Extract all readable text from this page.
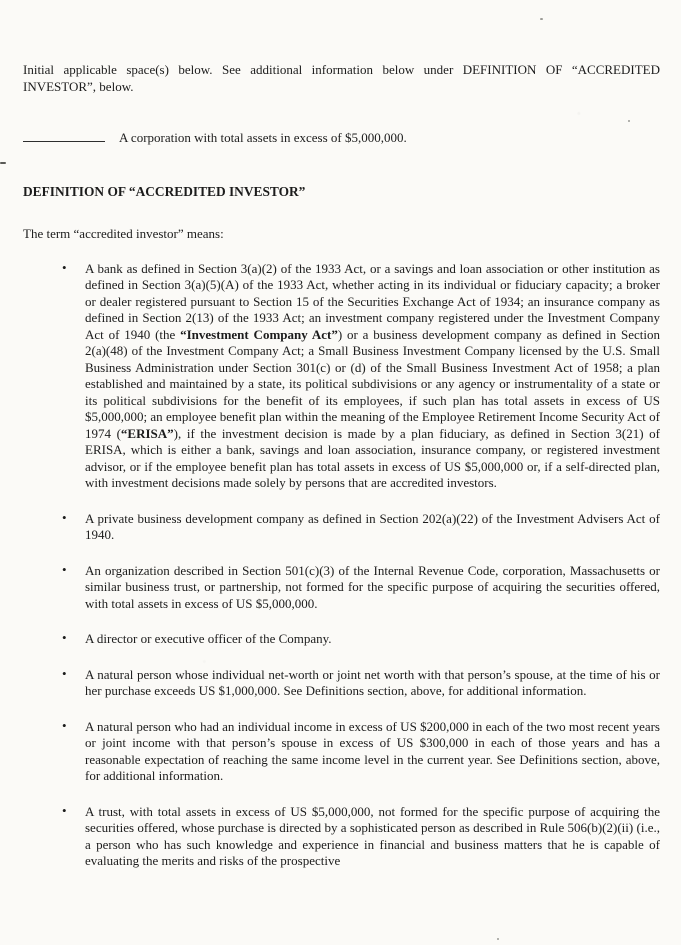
Initial applicable space(s) below. See additional information below under DEFINITION OF “ACCREDITED INVESTOR”, below.

A corporation with total assets in excess of $5,000,000.
DEFINITION OF “ACCREDITED INVESTOR”

The term “accredited investor” means:

• A bank as defined in Section 3(a)(2) of the 1933 Act, or a savings and loan association or other institution as defined in Section 3(a)(5)(A) of the 1933 Act, whether acting in its individual or fiduciary capacity; a broker or dealer registered pursuant to Section 15 of the Securities Exchange Act of 1934; an insurance company as defined in Section 2(13) of the 1933 Act; an investment company registered under the Investment Company Act of 1940 (the “Investment Company Act”) or a business development company as defined in Section 2(a)(48) of the Investment Company Act; a Small Business Investment Company licensed by the U.S. Small Business Administration under Section 301(c) or (d) of the Small Business Investment Act of 1958; a plan established and maintained by a state, its political subdivisions or any agency or instrumentality of a state or its political subdivisions for the benefit of its employees, if such plan has total assets in excess of US $5,000,000; an employee benefit plan within the meaning of the Employee Retirement Income Security Act of 1974 (“ERISA”), if the investment decision is made by a plan fiduciary, as defined in Section 3(21) of ERISA, which is either a bank, savings and loan association, insurance company, or registered investment advisor, or if the employee benefit plan has total assets in excess of US $5,000,000 or, if a self-directed plan, with investment decisions made solely by persons that are accredited investors.
• A private business development company as defined in Section 202(a)(22) of the Investment Advisers Act of 1940.
• An organization described in Section 501(c)(3) of the Internal Revenue Code, corporation, Massachusetts or similar business trust, or partnership, not formed for the specific purpose of acquiring the securities offered, with total assets in excess of US $5,000,000.
• A director or executive officer of the Company.
• A natural person whose individual net-worth or joint net worth with that person’s spouse, at the time of his or her purchase exceeds US $1,000,000. See Definitions section, above, for additional information.
• A natural person who had an individual income in excess of US $200,000 in each of the two most recent years or joint income with that person’s spouse in excess of US $300,000 in each of those years and has a reasonable expectation of reaching the same income level in the current year. See Definitions section, above, for additional information.
• A trust, with total assets in excess of US $5,000,000, not formed for the specific purpose of acquiring the securities offered, whose purchase is directed by a sophisticated person as described in Rule 506(b)(2)(ii) (i.e., a person who has such knowledge and experience in financial and business matters that he is capable of evaluating the merits and risks of the prospective
